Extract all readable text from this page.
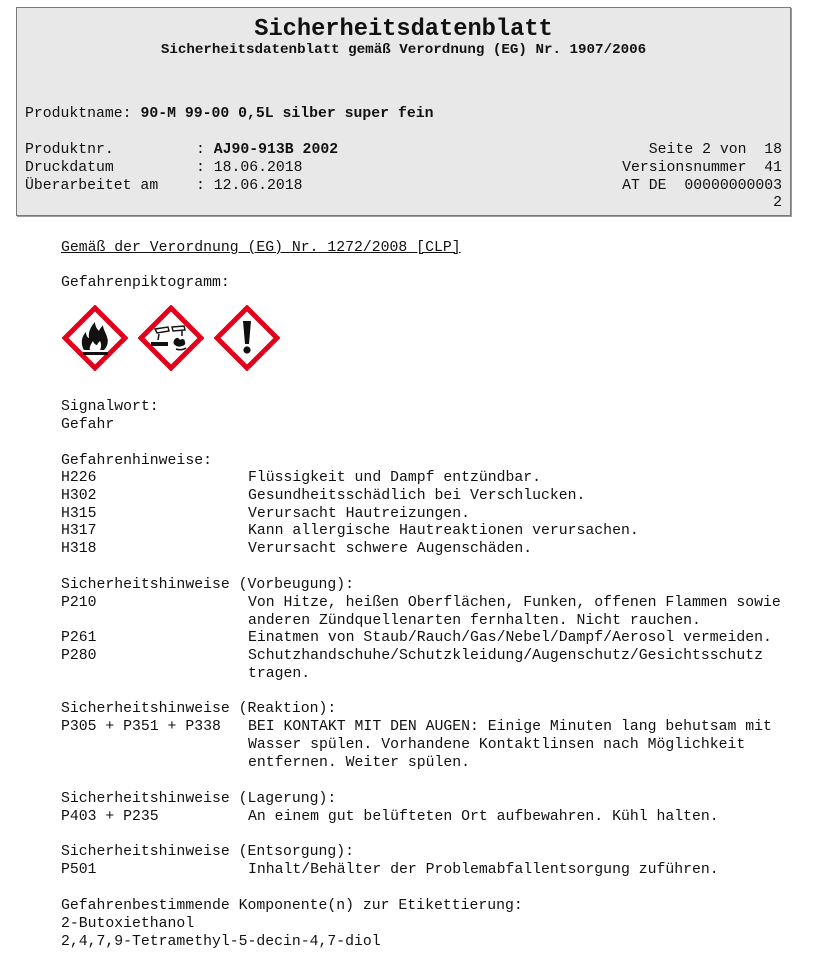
Sicherheitsdatenblatt
Sicherheitsdatenblatt gemäß Verordnung (EG) Nr. 1907/2006
Produktname: 90-M 99-00 0,5L silber super fein
Produktnr.	: AJ90-913B 2002
Druckdatum	: 18.06.2018
Überarbeitet am	: 12.06.2018
Seite 2 von  18
Versionsnummer  41
AT DE  00000000003
2
Gemäß der Verordnung (EG) Nr. 1272/2008 [CLP]
Gefahrenpiktogramm:
Signalwort:
Gefahr
Gefahrenhinweise:
H226	Flüssigkeit und Dampf entzündbar.
H302	Gesundheitsschädlich bei Verschlucken.
H315	Verursacht Hautreizungen.
H317	Kann allergische Hautreaktionen verursachen.
H318	Verursacht schwere Augenschäden.
Sicherheitshinweise (Vorbeugung):
P210	Von Hitze, heißen Oberflächen, Funken, offenen Flammen sowie
anderen Zündquellenarten fernhalten. Nicht rauchen.
P261	Einatmen von Staub/Rauch/Gas/Nebel/Dampf/Aerosol vermeiden.
P280	Schutzhandschuhe/Schutzkleidung/Augenschutz/Gesichtsschutz
tragen.
Sicherheitshinweise (Reaktion):
P305 + P351 + P338 BEI KONTAKT MIT DEN AUGEN: Einige Minuten lang behutsam mit
Wasser spülen. Vorhandene Kontaktlinsen nach Möglichkeit
entfernen. Weiter spülen.
Sicherheitshinweise (Lagerung):
P403 + P235	An einem gut belüfteten Ort aufbewahren. Kühl halten.
Sicherheitshinweise (Entsorgung):
P501	Inhalt/Behälter der Problemabfallentsorgung zuführen.
Gefahrenbestimmende Komponente(n) zur Etikettierung:
2-Butoxiethanol
2,4,7,9-Tetramethyl-5-decin-4,7-diol
